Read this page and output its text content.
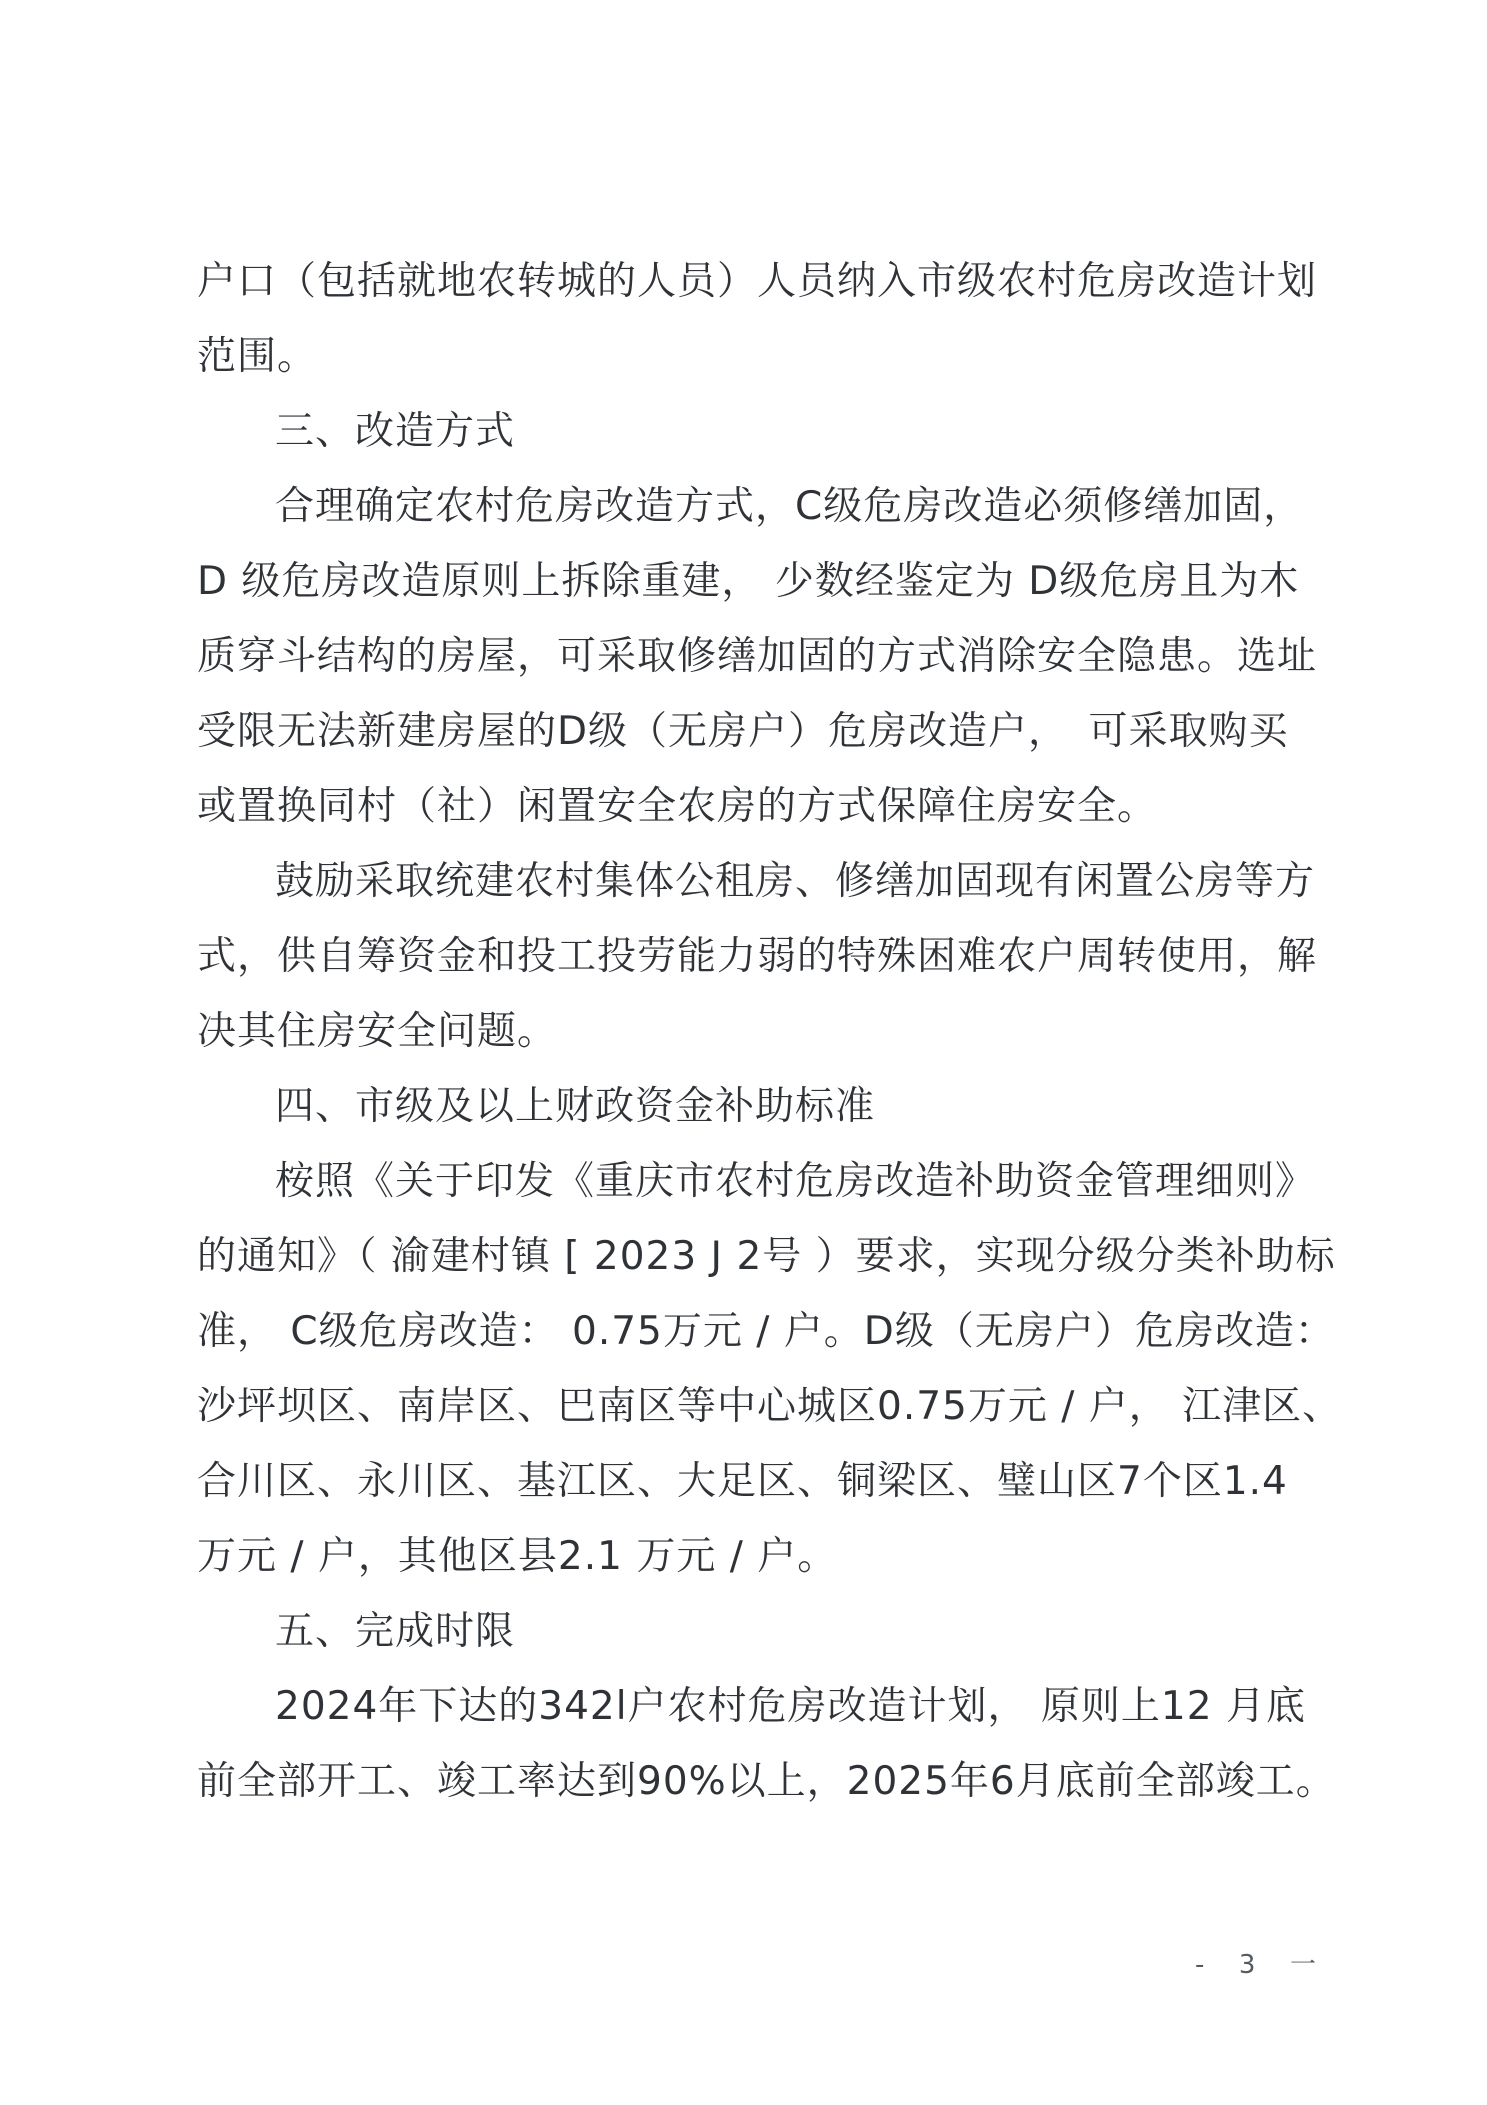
户口（包括就地农转城的人员）人员纳入市级农村危房改造计划
范围。
三、改造方式
合理确定农村危房改造方式，C级危房改造必须修缮加固，
D 级危房改造原则上拆除重建， 少数经鉴定为 D级危房且为木
质穿斗结构的房屋，可采取修缮加固的方式消除安全隐患。选址
受限无法新建房屋的D级（无房户）危房改造户，　可采取购买
或置换同村（社）闲置安全农房的方式保障住房安全。
鼓励采取统建农村集体公租房、修缮加固现有闲置公房等方
式，供自筹资金和投工投劳能力弱的特殊困难农户周转使用，解
决其住房安全问题。
四、市级及以上财政资金补助标准
桉照《关于印发《重庆市农村危房改造补助资金管理细则》
的通知》（ 渝建村镇 [ 2023 J 2号 ）要求，实现分级分类补助标
准， C级危房改造： 0.75万元 / 户。D级（无房户）危房改造：
沙坪坝区、南岸区、巴南区等中心城区0.75万元 / 户， 江津区、
合川区、永川区、基江区、大足区、铜梁区、璧山区7个区1.4
万元 / 户，其他区县2.1 万元 / 户。
五、完成时限
2024年下达的342l户农村危房改造计划， 原则上12 月底
前全部开工、竣工率达到90%以上，2025年6月底前全部竣工。
-  3  一
